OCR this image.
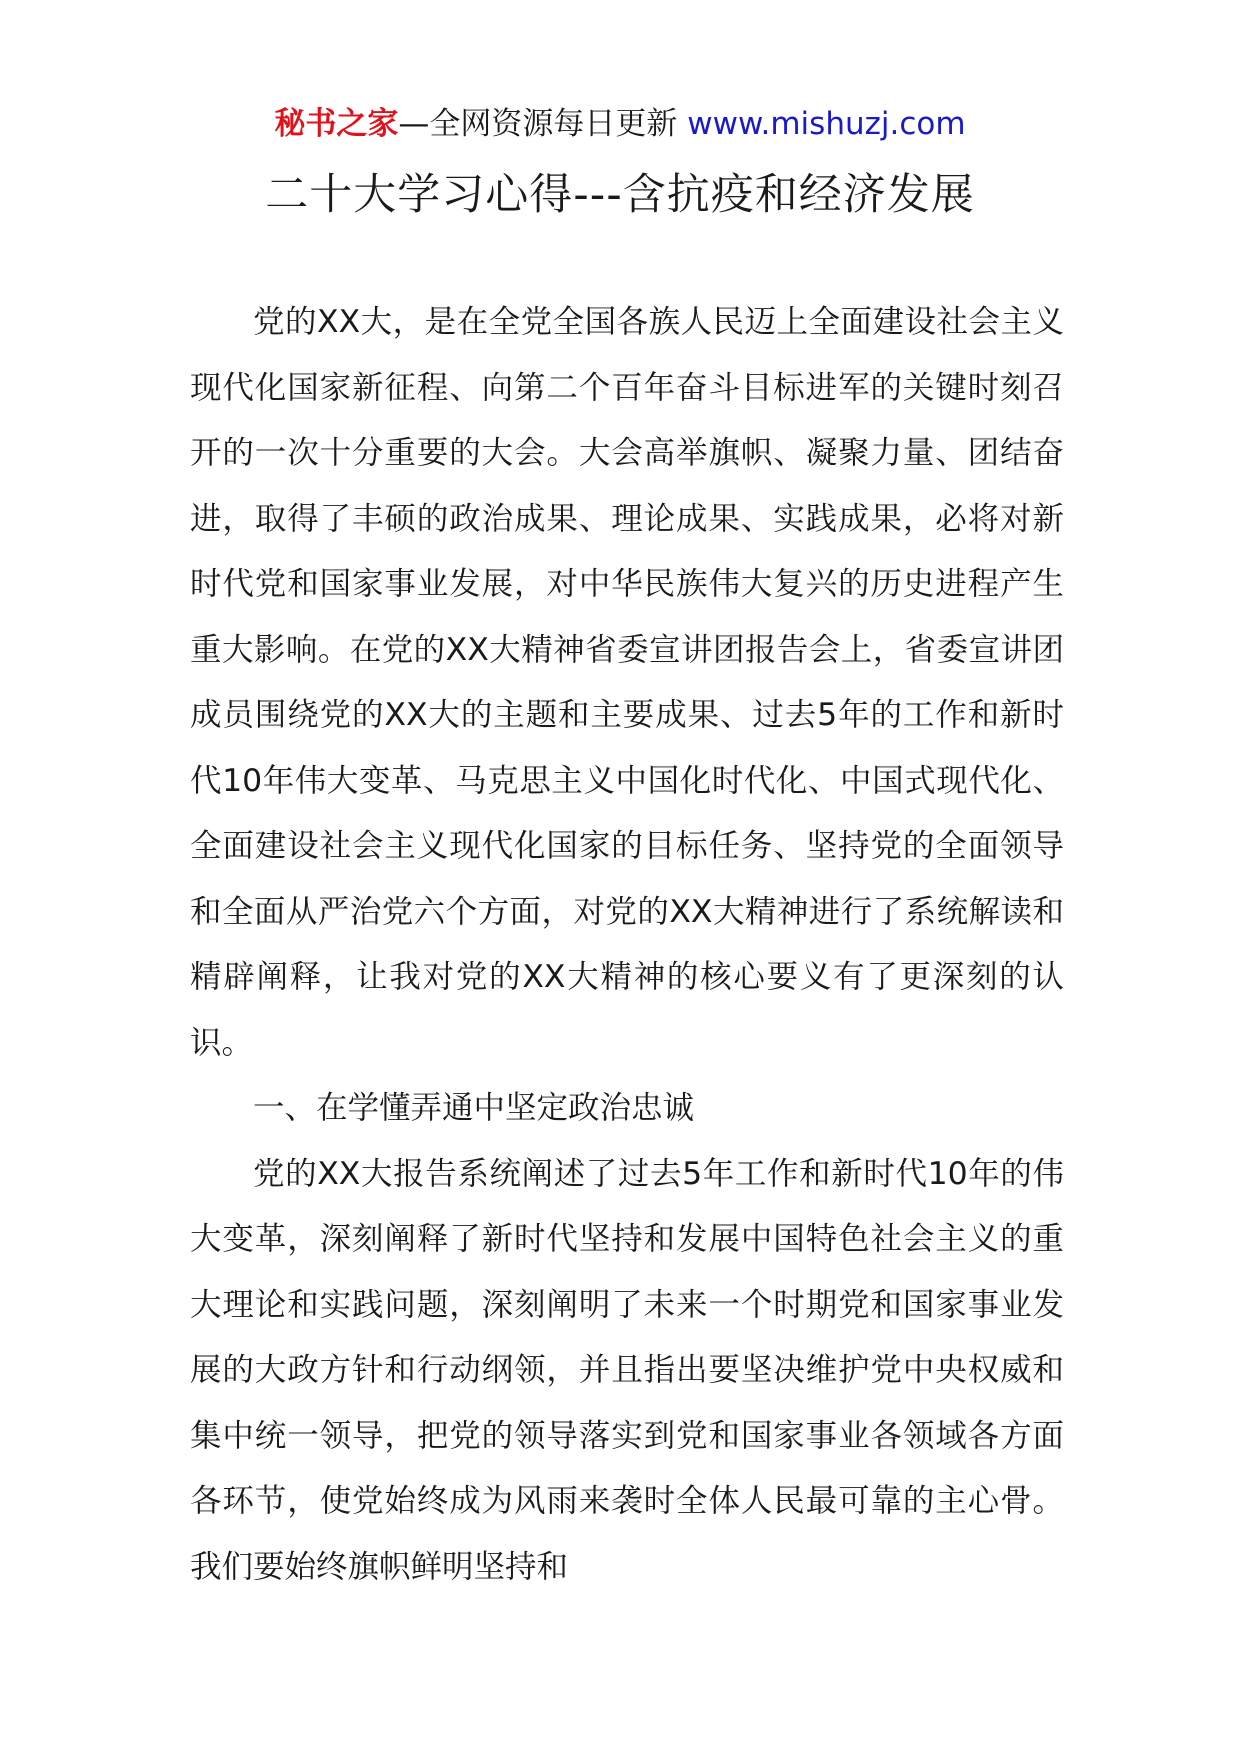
秘书之家—全网资源每日更新 www.mishuzj.com
二十大学习心得---含抗疫和经济发展

党的XX大，是在全党全国各族人民迈上全面建设社会主义现代化国家新征程、向第二个百年奋斗目标进军的关键时刻召开的一次十分重要的大会。大会高举旗帜、凝聚力量、团结奋进，取得了丰硕的政治成果、理论成果、实践成果，必将对新时代党和国家事业发展，对中华民族伟大复兴的历史进程产生重大影响。在党的XX大精神省委宣讲团报告会上，省委宣讲团成员围绕党的XX大的主题和主要成果、过去5年的工作和新时代10年伟大变革、马克思主义中国化时代化、中国式现代化、全面建设社会主义现代化国家的目标任务、坚持党的全面领导和全面从严治党六个方面，对党的XX大精神进行了系统解读和精辟阐释，让我对党的XX大精神的核心要义有了更深刻的认识。

一、在学懂弄通中坚定政治忠诚

党的XX大报告系统阐述了过去5年工作和新时代10年的伟大变革，深刻阐释了新时代坚持和发展中国特色社会主义的重大理论和实践问题，深刻阐明了未来一个时期党和国家事业发展的大政方针和行动纲领，并且指出要坚决维护党中央权威和集中统一领导，把党的领导落实到党和国家事业各领域各方面各环节，使党始终成为风雨来袭时全体人民最可靠的主心骨。我们要始终旗帜鲜明坚持和
